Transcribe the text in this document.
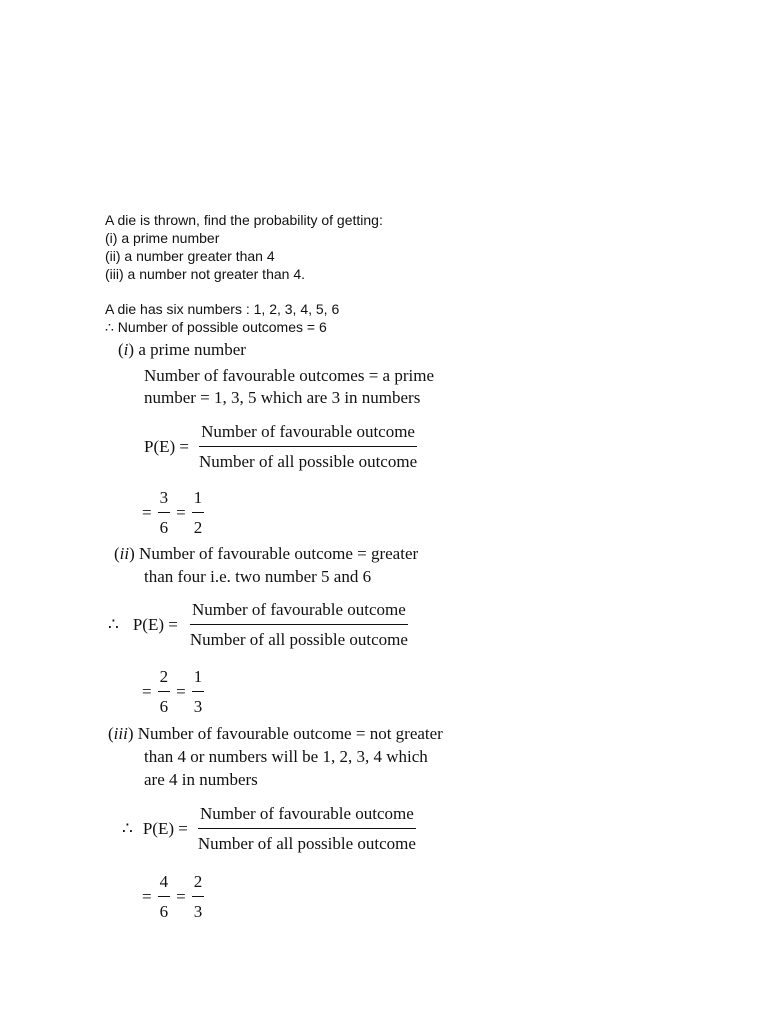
A die is thrown, find the probability of getting:
(i) a prime number
(ii) a number greater than 4
(iii) a number not greater than 4.
A die has six numbers : 1, 2, 3, 4, 5, 6
∴ Number of possible outcomes = 6
(i) a prime number
Number of favourable outcomes = a prime
number = 1, 3, 5 which are 3 in numbers
$P(E) = \frac{\text{Number of favourable outcome}}{\text{Number of all possible outcome}}$
= $\frac{3}{6} = \frac{1}{2}$
(ii) Number of favourable outcome = greater
than four i.e. two number 5 and 6
∴ $P(E) = \frac{\text{Number of favourable outcome}}{\text{Number of all possible outcome}}$
= $\frac{2}{6} = \frac{1}{3}$
(iii) Number of favourable outcome = not greater
than 4 or numbers will be 1, 2, 3, 4 which
are 4 in numbers
∴ $P(E) = \frac{\text{Number of favourable outcome}}{\text{Number of all possible outcome}}$
= $\frac{4}{6} = \frac{2}{3}$
